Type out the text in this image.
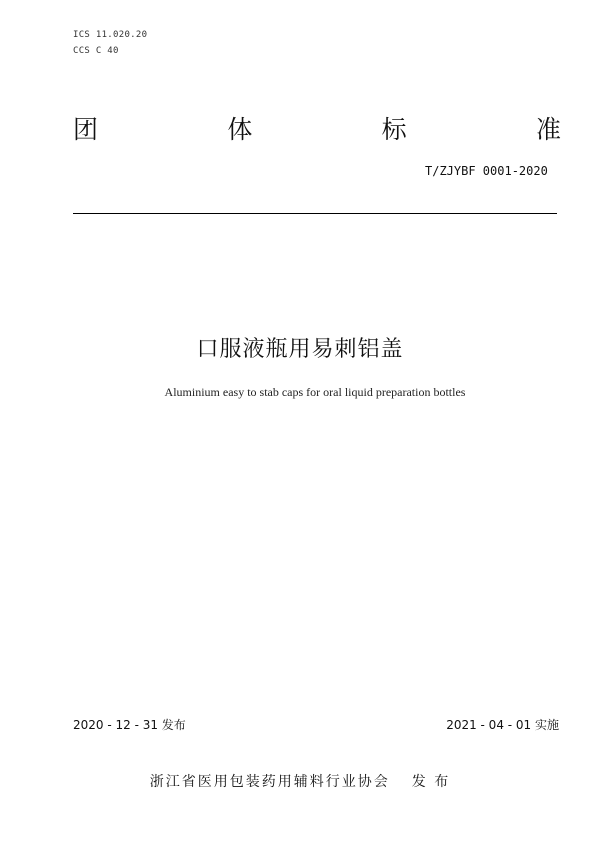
ICS 11.020.20
CCS C 40
团	体	标	准
T/ZJYBF 0001-2020
口服液瓶用易刺铝盖
Aluminium easy to stab caps for oral liquid preparation bottles
2020 - 12 - 31 发布	2021 - 04 - 01 实施
浙江省医用包装药用辅料行业协会 发 布
